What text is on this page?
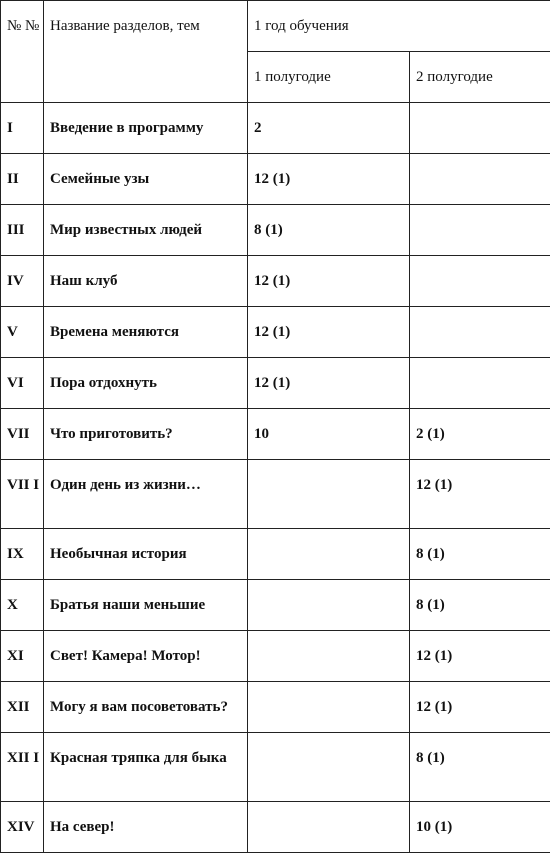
№ №	Название разделов, тем	1 год обучения	
		1 полугодие	2 полугодие
I	Введение в программу	2	
II	Семейные узы	12 (1)	
III	Мир известных людей	8 (1)	
IV	Наш клуб	12 (1)	
V	Времена меняются	12 (1)	
VI	Пора отдохнуть	12 (1)	
VII	Что приготовить?	10	2 (1)
VII I	Один день из жизни…		12 (1)
IX	Необычная история		8 (1)
X	Братья наши меньшие		8 (1)
XI	Свет! Камера! Мотор!		12 (1)
XII	Могу я вам посоветовать?		12 (1)
XII I	Красная тряпка для быка		8 (1)
XIV	На север!		10 (1)
